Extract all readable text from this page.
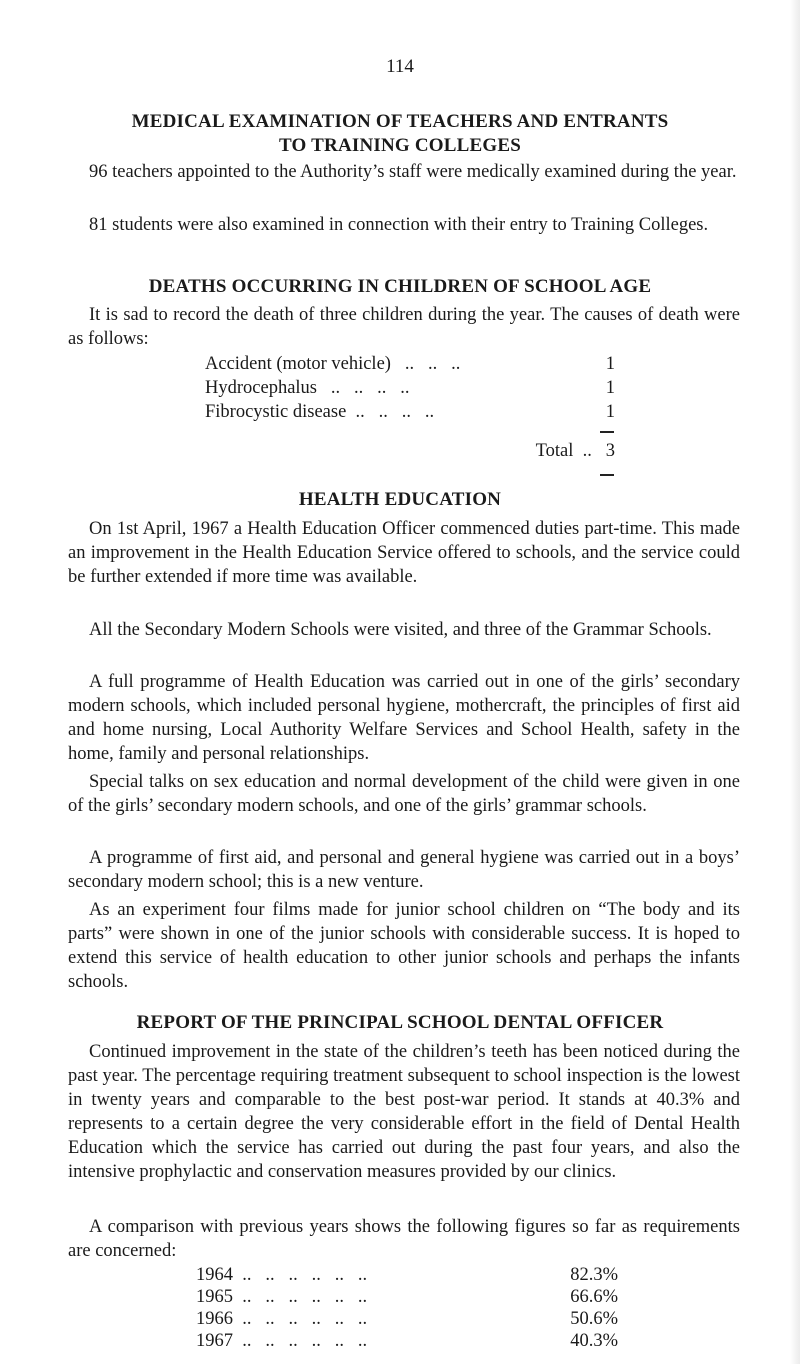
114
MEDICAL EXAMINATION OF TEACHERS AND ENTRANTS
TO TRAINING COLLEGES

96 teachers appointed to the Authority’s staff were medically examined during the year.

81 students were also examined in connection with their entry to Training Colleges.

DEATHS OCCURRING IN CHILDREN OF SCHOOL AGE

It is sad to record the death of three children during the year. The causes of death were as follows:

Accident (motor vehicle)   ..   ..   ..	1
Hydrocephalus   ..   ..   ..   ..	1
Fibrocystic disease  ..   ..   ..   ..	1
Total  .. 3
HEALTH EDUCATION

On 1st April, 1967 a Health Education Officer commenced duties part-time. This made an improvement in the Health Education Service offered to schools, and the service could be further extended if more time was available.

All the Secondary Modern Schools were visited, and three of the Grammar Schools.

A full programme of Health Education was carried out in one of the girls’ secondary modern schools, which included personal hygiene, mothercraft, the principles of first aid and home nursing, Local Authority Welfare Services and School Health, safety in the home, family and personal relationships.

Special talks on sex education and normal development of the child were given in one of the girls’ secondary modern schools, and one of the girls’ grammar schools.

A programme of first aid, and personal and general hygiene was carried out in a boys’ secondary modern school; this is a new venture.

As an experiment four films made for junior school children on “The body and its parts” were shown in one of the junior schools with considerable success. It is hoped to extend this service of health education to other junior schools and perhaps the infants schools.

REPORT OF THE PRINCIPAL SCHOOL DENTAL OFFICER

Continued improvement in the state of the children’s teeth has been noticed during the past year. The percentage requiring treatment subsequent to school inspection is the lowest in twenty years and comparable to the best post-war period. It stands at 40.3% and represents to a certain degree the very considerable effort in the field of Dental Health Education which the service has carried out during the past four years, and also the intensive prophylactic and conservation measures provided by our clinics.

A comparison with previous years shows the following figures so far as requirements are concerned:

1964  ..   ..   ..   ..   ..   ..	82.3%
1965  ..   ..   ..   ..   ..   ..	66.6%
1966  ..   ..   ..   ..   ..   ..	50.6%
1967  ..   ..   ..   ..   ..   ..	40.3%
